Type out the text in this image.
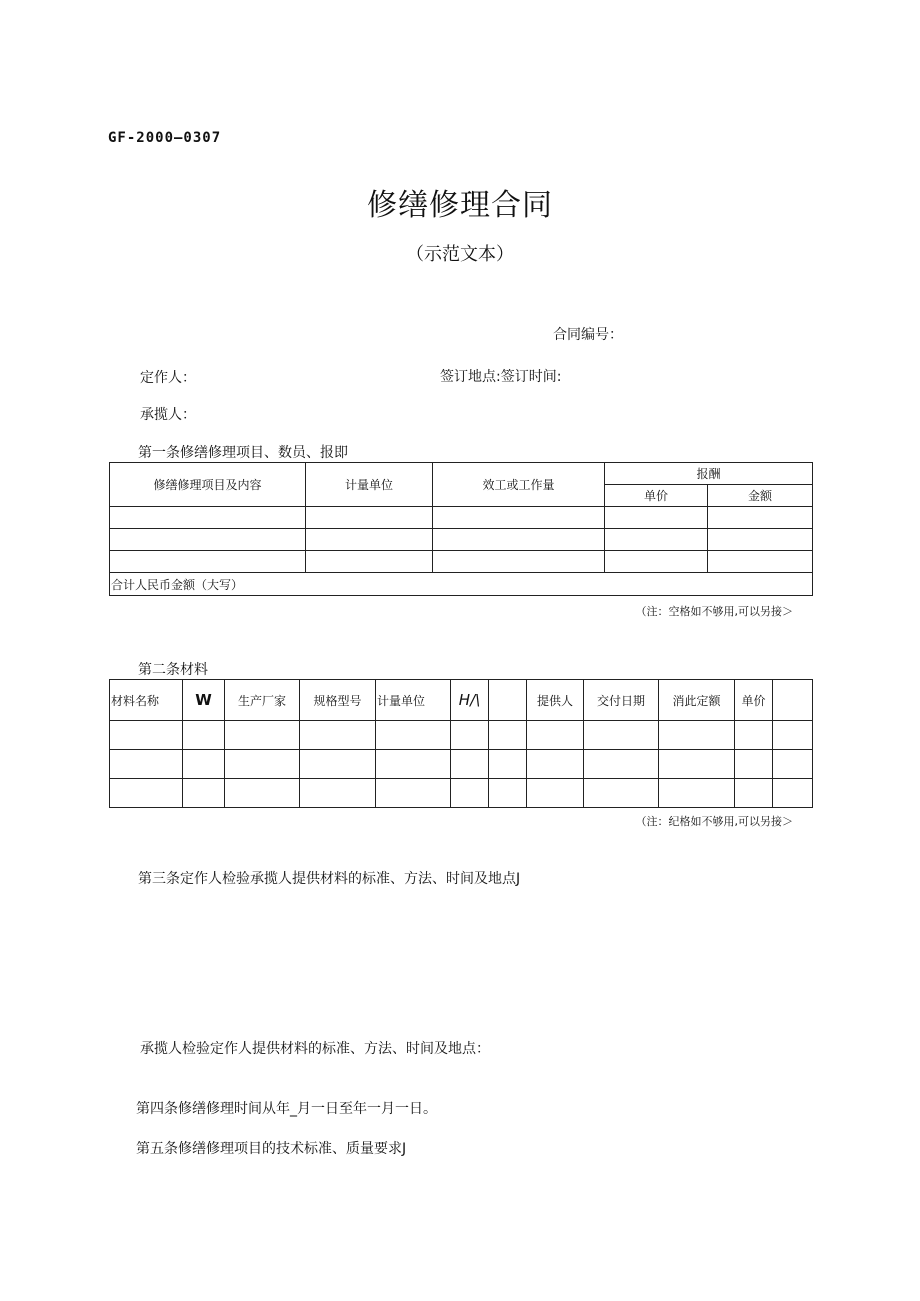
GF-2000—0307
修缮修理合同
（示范文本）
合同编号：
定作人：	签订地点:签订时间:
承揽人：
第一条修缮修理项目、数员、报即
修缮修理项目及内容	计量单位	效工或工作量	报酬	
			单价	金额

合计人民币金额（大写）				
（注：空格如不够用,可以另接＞
第二条材料
材料名称	W	生产厂家	规格型号	计量单位	H/\		提供人	交付日期	消此定额	单价	

（注：纪格如不够用,可以另接＞
第三条定作人检验承揽人提供材料的标准、方法、时间及地点J
承揽人检验定作人提供材料的标准、方法、时间及地点：
第四条修缮修理时间从年_月一日至年一月一日。
第五条修缮修理项目的技术标准、质量要求J
